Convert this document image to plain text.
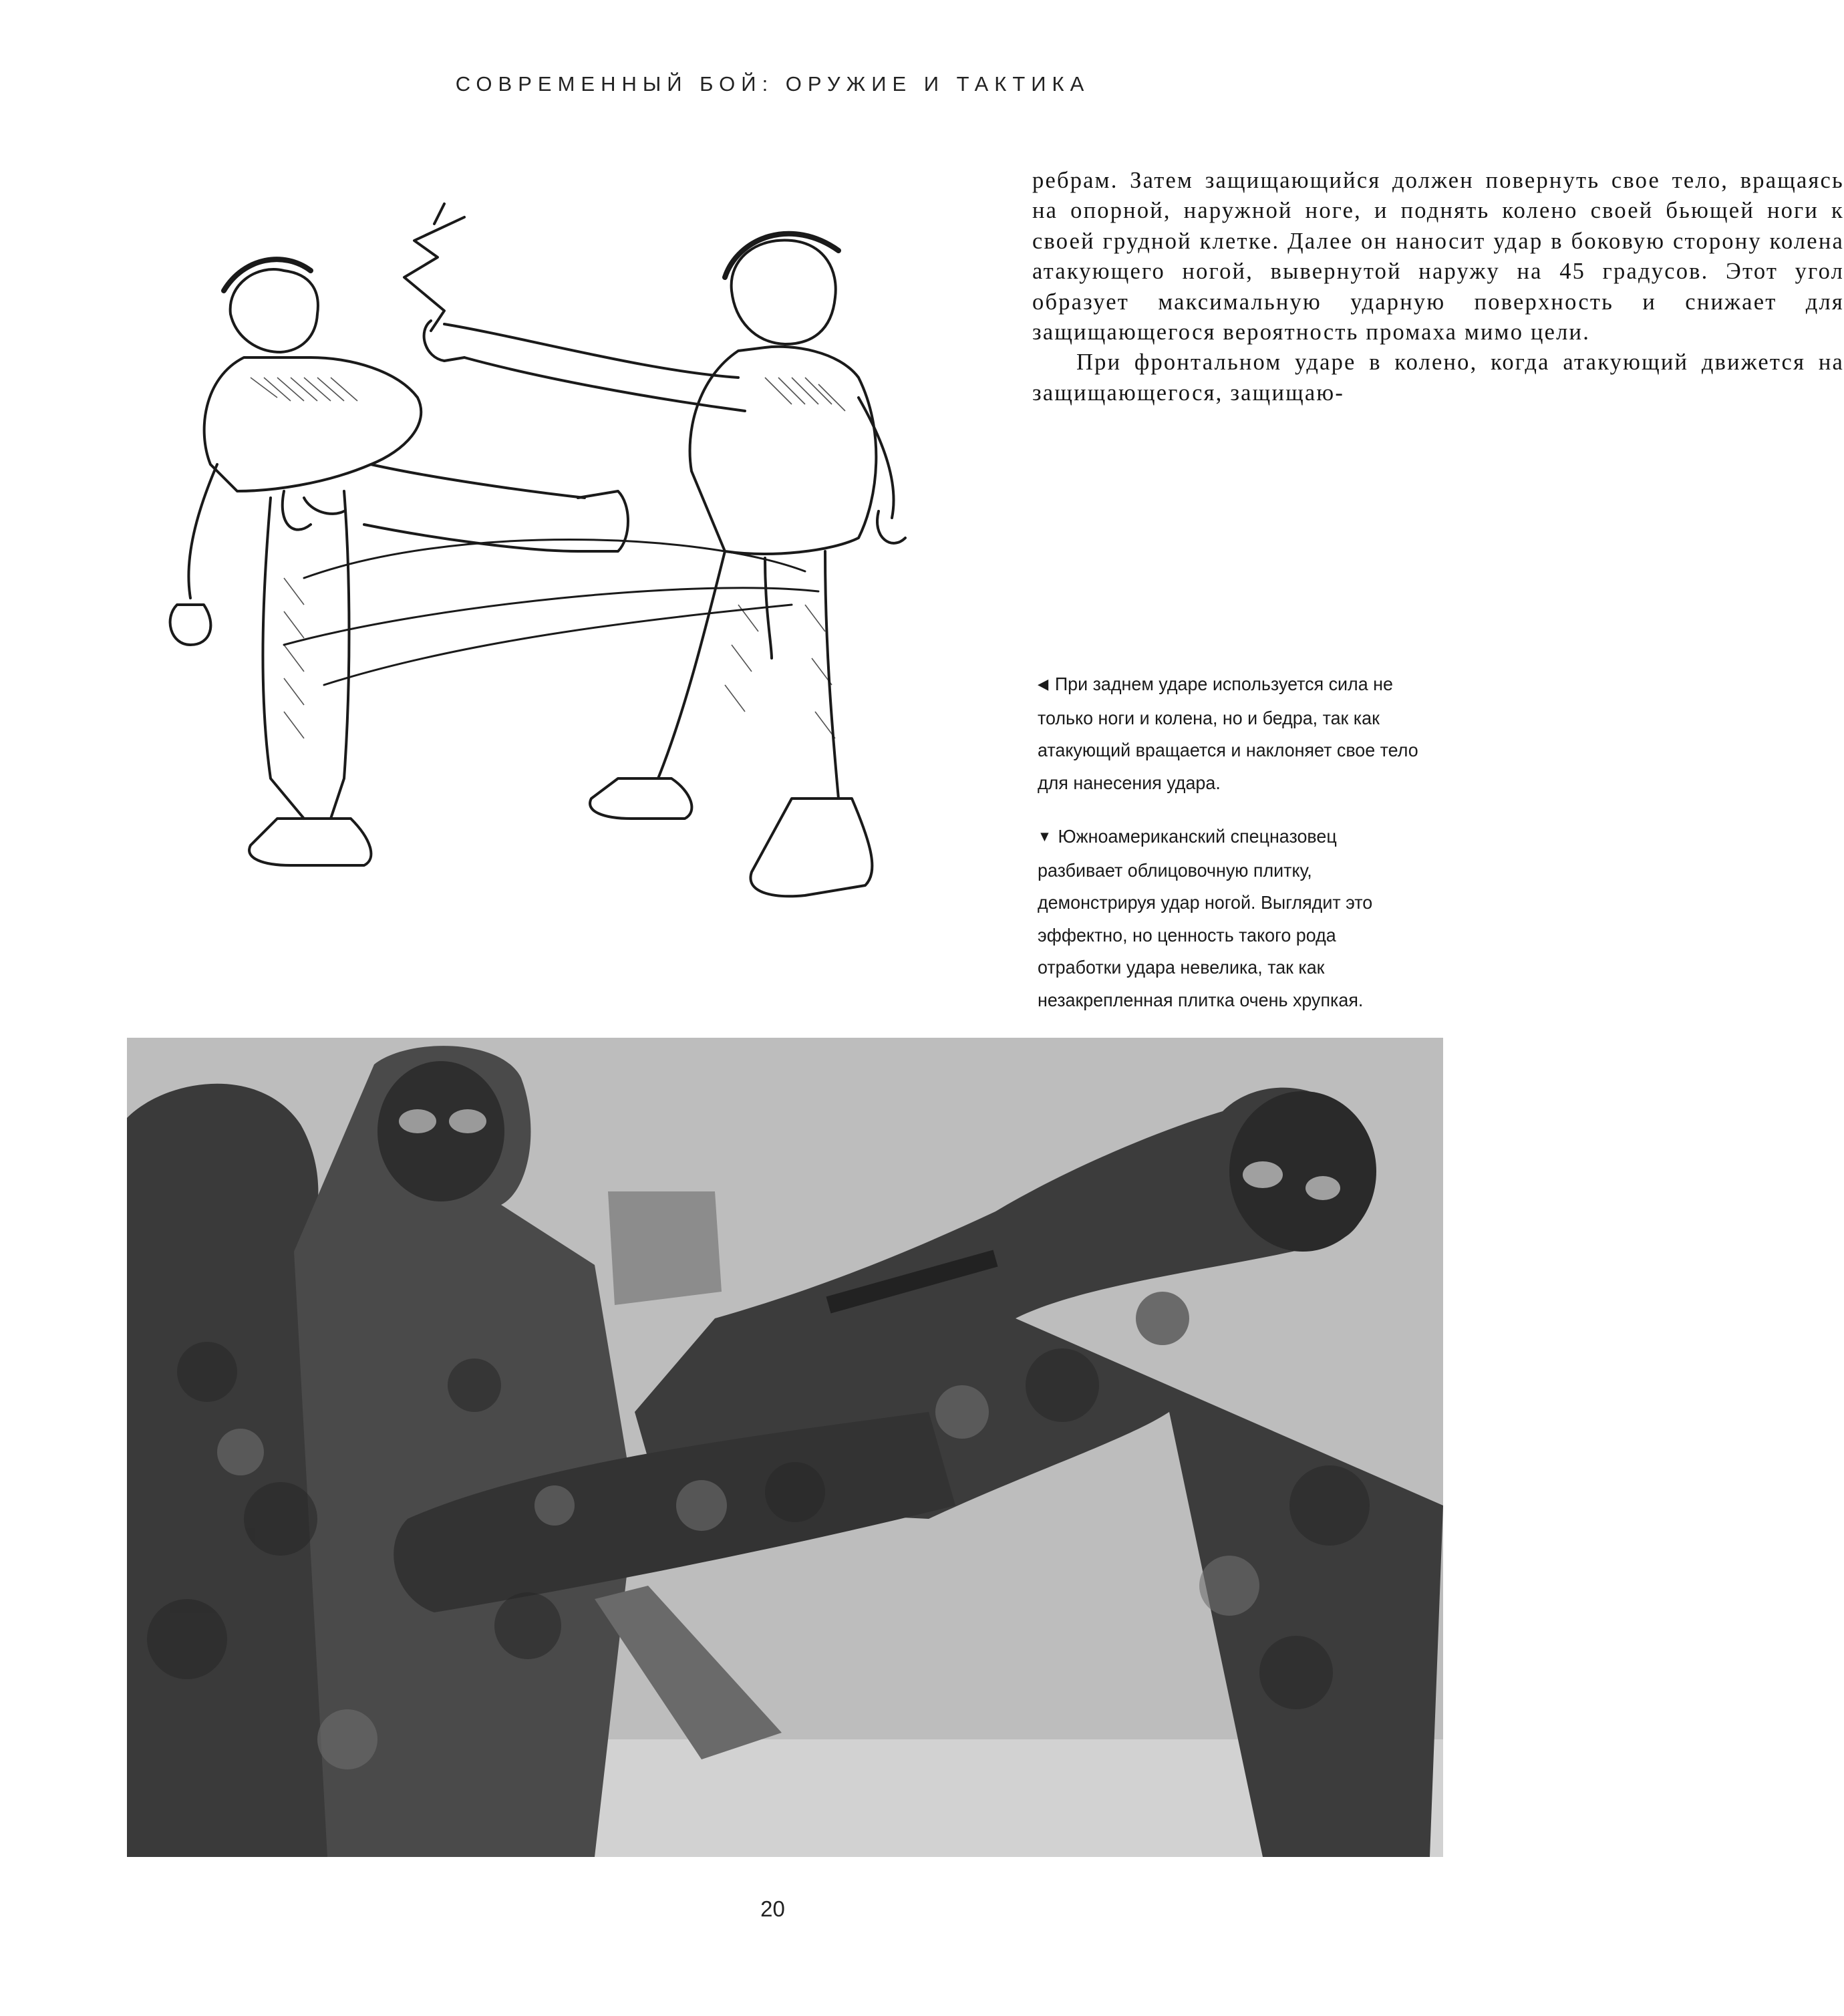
СОВРЕМЕННЫЙ БОЙ: ОРУЖИЕ И ТАКТИКА

ребрам. Затем защищающийся должен повернуть свое тело, вращаясь на опорной, наружной ноге, и поднять колено своей бьющей ноги к своей грудной клетке. Далее он наносит удар в боковую сторону колена атакующего ногой, вывернутой наружу на 45 градусов. Этот угол образует максимальную ударную поверхность и снижает для защищающегося вероятность промаха мимо цели.

При фронтальном ударе в колено, когда атакующий движется на защищающегося, защищаю-

◀ При заднем ударе используется сила не только ноги и колена, но и бедра, так как атакующий вращается и наклоняет свое тело для нанесения удара.
▼ Южноамериканский спецназовец разбивает облицовочную плитку, демонстрируя удар ногой. Выглядит это эффектно, но ценность такого рода отработки удара невелика, так как незакрепленная плитка очень хрупкая.
20
